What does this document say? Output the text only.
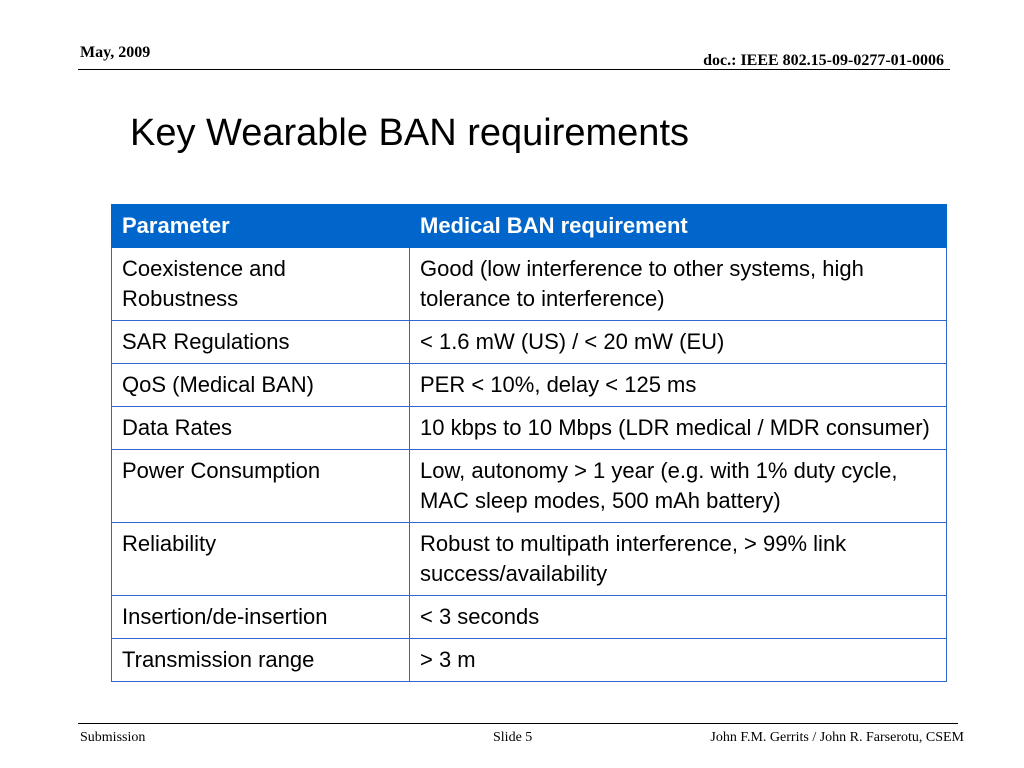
May, 2009	doc.: IEEE 802.15-09-0277-01-0006
Key Wearable BAN requirements
Parameter	Medical BAN requirement
Coexistence and Robustness	Good (low interference to other systems, high tolerance to interference)
SAR Regulations	< 1.6 mW (US) / < 20 mW (EU)
QoS (Medical BAN)	PER < 10%, delay < 125 ms
Data Rates	10 kbps to 10 Mbps (LDR medical / MDR consumer)
Power Consumption	Low, autonomy > 1 year (e.g. with 1% duty cycle, MAC sleep modes, 500 mAh battery)
Reliability	Robust to multipath interference, > 99% link success/availability
Insertion/de-insertion	< 3 seconds
Transmission range	> 3 m
Submission	Slide 5	John F.M. Gerrits / John R. Farserotu, CSEM
